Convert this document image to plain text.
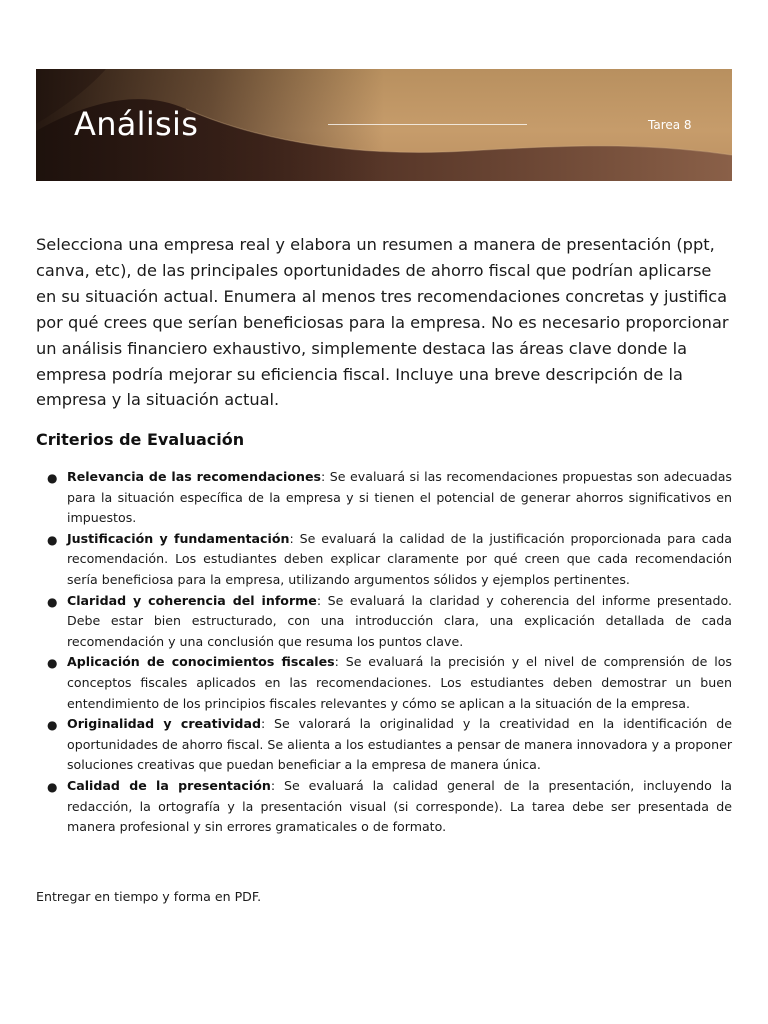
Análisis	Tarea 8

Selecciona una empresa real y elabora un resumen a manera de presentación (ppt, canva, etc), de las principales oportunidades de ahorro fiscal que podrían aplicarse en su situación actual. Enumera al menos tres recomendaciones concretas y justifica por qué crees que serían beneficiosas para la empresa. No es necesario proporcionar un análisis financiero exhaustivo, simplemente destaca las áreas clave donde la empresa podría mejorar su eficiencia fiscal. Incluye una breve descripción de la empresa y la situación actual.

Criterios de Evaluación
● Relevancia de las recomendaciones: Se evaluará si las recomendaciones propuestas son adecuadas para la situación específica de la empresa y si tienen el potencial de generar ahorros significativos en impuestos.
● Justificación y fundamentación: Se evaluará la calidad de la justificación proporcionada para cada recomendación. Los estudiantes deben explicar claramente por qué creen que cada recomendación sería beneficiosa para la empresa, utilizando argumentos sólidos y ejemplos pertinentes.
● Claridad y coherencia del informe: Se evaluará la claridad y coherencia del informe presentado. Debe estar bien estructurado, con una introducción clara, una explicación detallada de cada recomendación y una conclusión que resuma los puntos clave.
● Aplicación de conocimientos fiscales: Se evaluará la precisión y el nivel de comprensión de los conceptos fiscales aplicados en las recomendaciones. Los estudiantes deben demostrar un buen entendimiento de los principios fiscales relevantes y cómo se aplican a la situación de la empresa.
● Originalidad y creatividad: Se valorará la originalidad y la creatividad en la identificación de oportunidades de ahorro fiscal. Se alienta a los estudiantes a pensar de manera innovadora y a proponer soluciones creativas que puedan beneficiar a la empresa de manera única.
● Calidad de la presentación: Se evaluará la calidad general de la presentación, incluyendo la redacción, la ortografía y la presentación visual (si corresponde). La tarea debe ser presentada de manera profesional y sin errores gramaticales o de formato.

Entregar en tiempo y forma en PDF.
